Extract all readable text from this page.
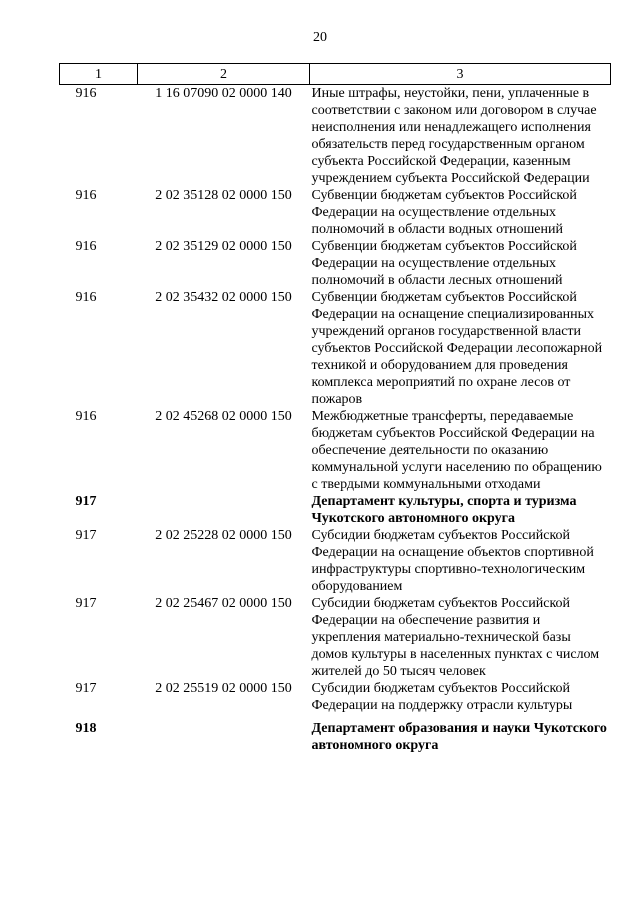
20
1	2	3
916	1 16 07090 02 0000 140	Иные штрафы, неустойки, пени, уплаченные в соответствии с законом или договором в случае неисполнения или ненадлежащего исполнения обязательств перед государственным органом субъекта Российской Федерации, казенным учреждением субъекта Российской Федерации
916	2 02 35128 02 0000 150	Субвенции бюджетам субъектов Российской Федерации на осуществление отдельных полномочий в области водных отношений
916	2 02 35129 02 0000 150	Субвенции бюджетам субъектов Российской Федерации на осуществление отдельных полномочий в области лесных отношений
916	2 02 35432 02 0000 150	Субвенции бюджетам субъектов Российской Федерации на оснащение специализированных учреждений органов государственной власти субъектов Российской Федерации лесопожарной техникой и оборудованием для проведения комплекса мероприятий по охране лесов от пожаров
916	2 02 45268 02 0000 150	Межбюджетные трансферты, передаваемые бюджетам субъектов Российской Федерации на обеспечение деятельности по оказанию коммунальной услуги населению по обращению с твердыми коммунальными отходами
917		Департамент культуры, спорта и туризма Чукотского автономного округа
917	2 02 25228 02 0000 150	Субсидии бюджетам субъектов Российской Федерации на оснащение объектов спортивной инфраструктуры спортивно-технологическим оборудованием
917	2 02 25467 02 0000 150	Субсидии бюджетам субъектов Российской Федерации на обеспечение развития и укрепления материально-технической базы домов культуры в населенных пунктах с числом жителей до 50 тысяч человек
917	2 02 25519 02 0000 150	Субсидии бюджетам субъектов Российской Федерации на поддержку отрасли культуры
918		Департамент образования и науки Чукотского автономного округа
